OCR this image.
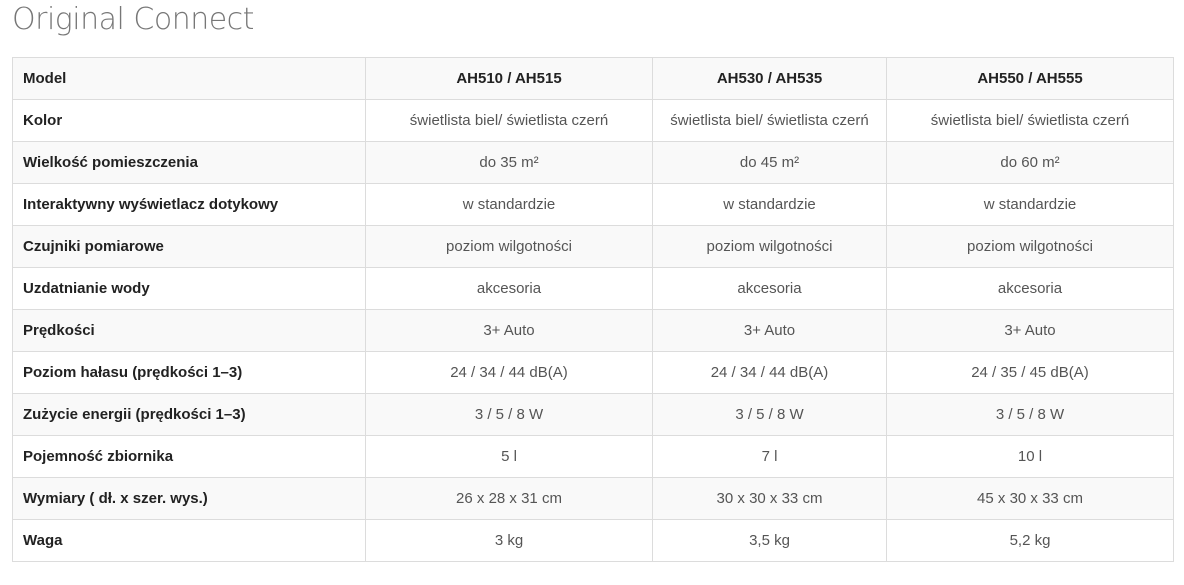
Original Connect
Model	AH510 / AH515	AH530 / AH535	AH550 / AH555
Kolor	świetlista biel/ świetlista czerń	świetlista biel/ świetlista czerń	świetlista biel/ świetlista czerń
Wielkość pomieszczenia	do 35 m²	do 45 m²	do 60 m²
Interaktywny wyświetlacz dotykowy	w standardzie	w standardzie	w standardzie
Czujniki pomiarowe	poziom wilgotności	poziom wilgotności	poziom wilgotności
Uzdatnianie wody	akcesoria	akcesoria	akcesoria
Prędkości	3+ Auto	3+ Auto	3+ Auto
Poziom hałasu (prędkości 1–3)	24 / 34 / 44 dB(A)	24 / 34 / 44 dB(A)	24 / 35 / 45 dB(A)
Zużycie energii (prędkości 1–3)	3 / 5 / 8 W	3 / 5 / 8 W	3 / 5 / 8 W
Pojemność zbiornika	5 l	7 l	10 l
Wymiary ( dł. x szer. wys.)	26 x 28 x 31 cm	30 x 30 x 33 cm	45 x 30 x 33 cm
Waga	3 kg	3,5 kg	5,2 kg
